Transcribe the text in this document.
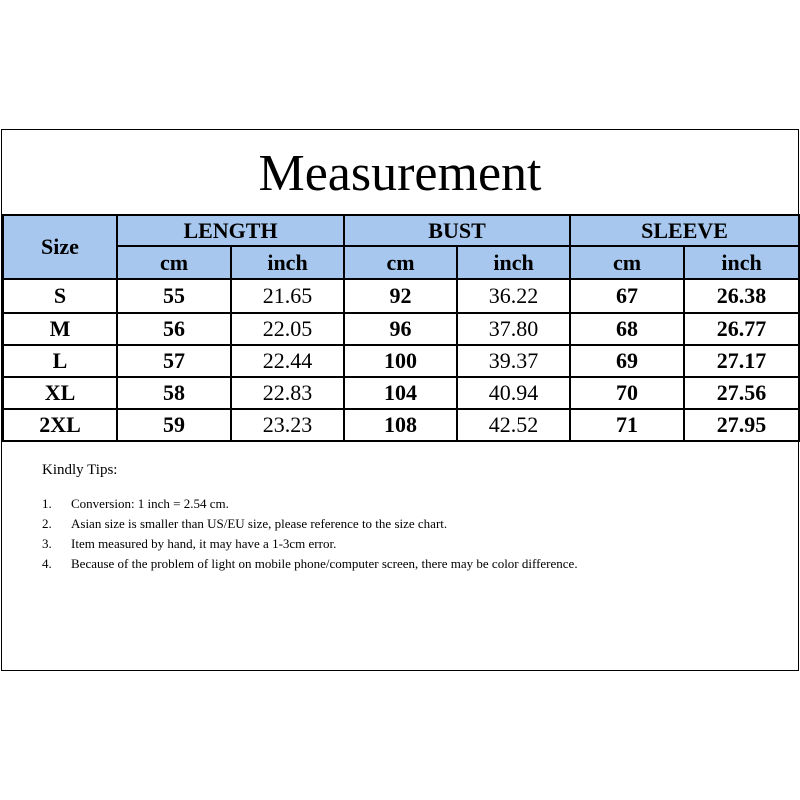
Measurement
Size	LENGTH		BUST		SLEEVE	
	cm	inch	cm	inch	cm	inch
S	55	21.65	92	36.22	67	26.38
M	56	22.05	96	37.80	68	26.77
L	57	22.44	100	39.37	69	27.17
XL	58	22.83	104	40.94	70	27.56
2XL	59	23.23	108	42.52	71	27.95

Kindly Tips:

1. Conversion: 1 inch = 2.54 cm.
2. Asian size is smaller than US/EU size, please reference to the size chart.
3. Item measured by hand, it may have a 1-3cm error.
4. Because of the problem of light on mobile phone/computer screen, there may be color difference.
